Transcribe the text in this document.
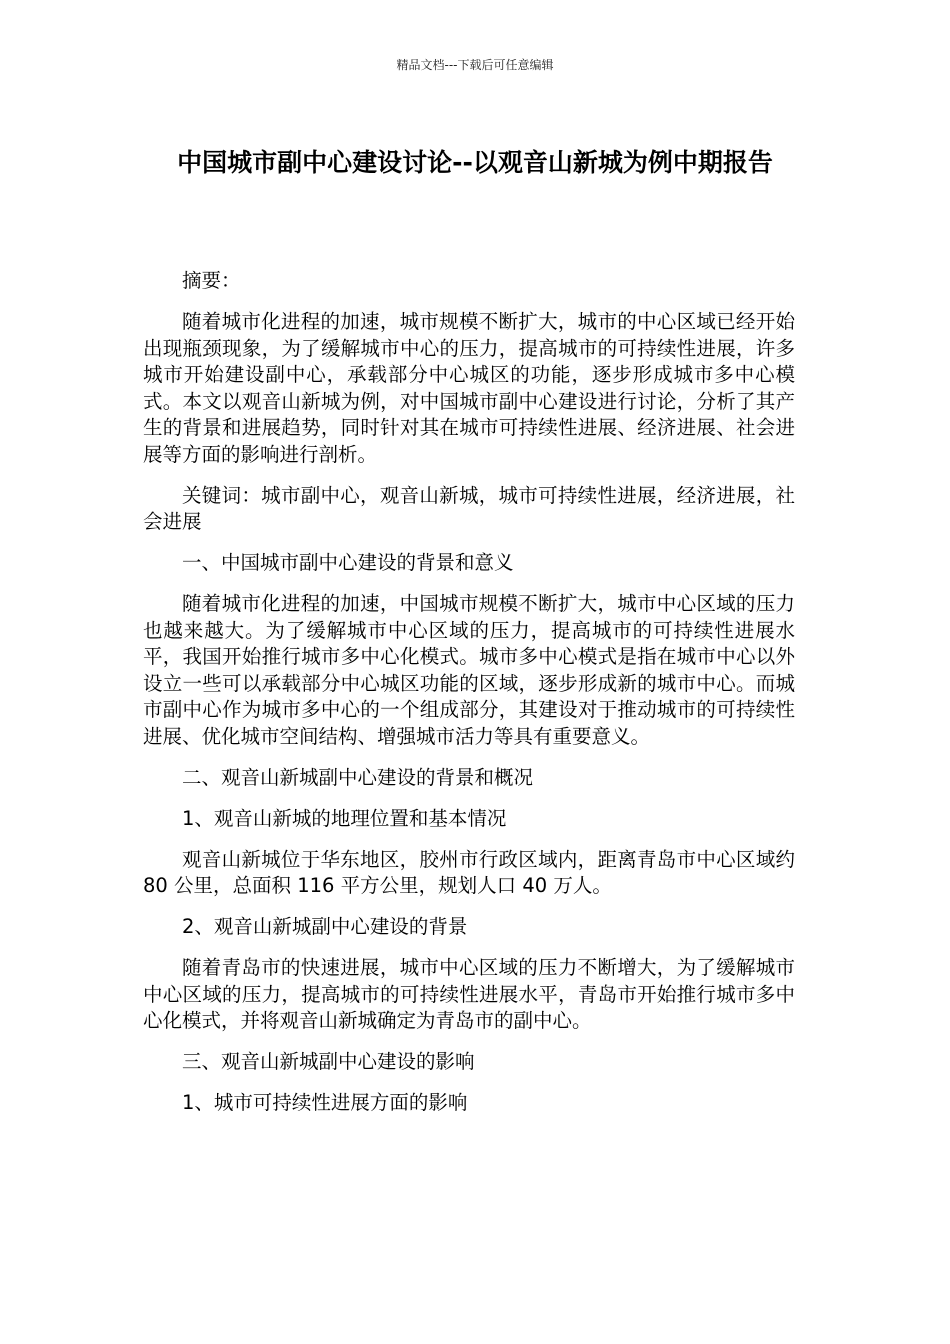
精品文档---下载后可任意编辑
中国城市副中心建设讨论--以观音山新城为例中期报告

摘要：

随着城市化进程的加速，城市规模不断扩大，城市的中心区域已经开始出现瓶颈现象，为了缓解城市中心的压力，提高城市的可持续性进展，许多城市开始建设副中心，承载部分中心城区的功能，逐步形成城市多中心模式。本文以观音山新城为例，对中国城市副中心建设进行讨论，分析了其产生的背景和进展趋势，同时针对其在城市可持续性进展、经济进展、社会进展等方面的影响进行剖析。

关键词：城市副中心，观音山新城，城市可持续性进展，经济进展，社会进展

一、中国城市副中心建设的背景和意义

随着城市化进程的加速，中国城市规模不断扩大，城市中心区域的压力也越来越大。为了缓解城市中心区域的压力，提高城市的可持续性进展水平，我国开始推行城市多中心化模式。城市多中心模式是指在城市中心以外设立一些可以承载部分中心城区功能的区域，逐步形成新的城市中心。而城市副中心作为城市多中心的一个组成部分，其建设对于推动城市的可持续性进展、优化城市空间结构、增强城市活力等具有重要意义。

二、观音山新城副中心建设的背景和概况

1、观音山新城的地理位置和基本情况

观音山新城位于华东地区，胶州市行政区域内，距离青岛市中心区域约 80 公里，总面积 116 平方公里，规划人口 40 万人。

2、观音山新城副中心建设的背景

随着青岛市的快速进展，城市中心区域的压力不断增大，为了缓解城市中心区域的压力，提高城市的可持续性进展水平，青岛市开始推行城市多中心化模式，并将观音山新城确定为青岛市的副中心。

三、观音山新城副中心建设的影响

1、城市可持续性进展方面的影响
